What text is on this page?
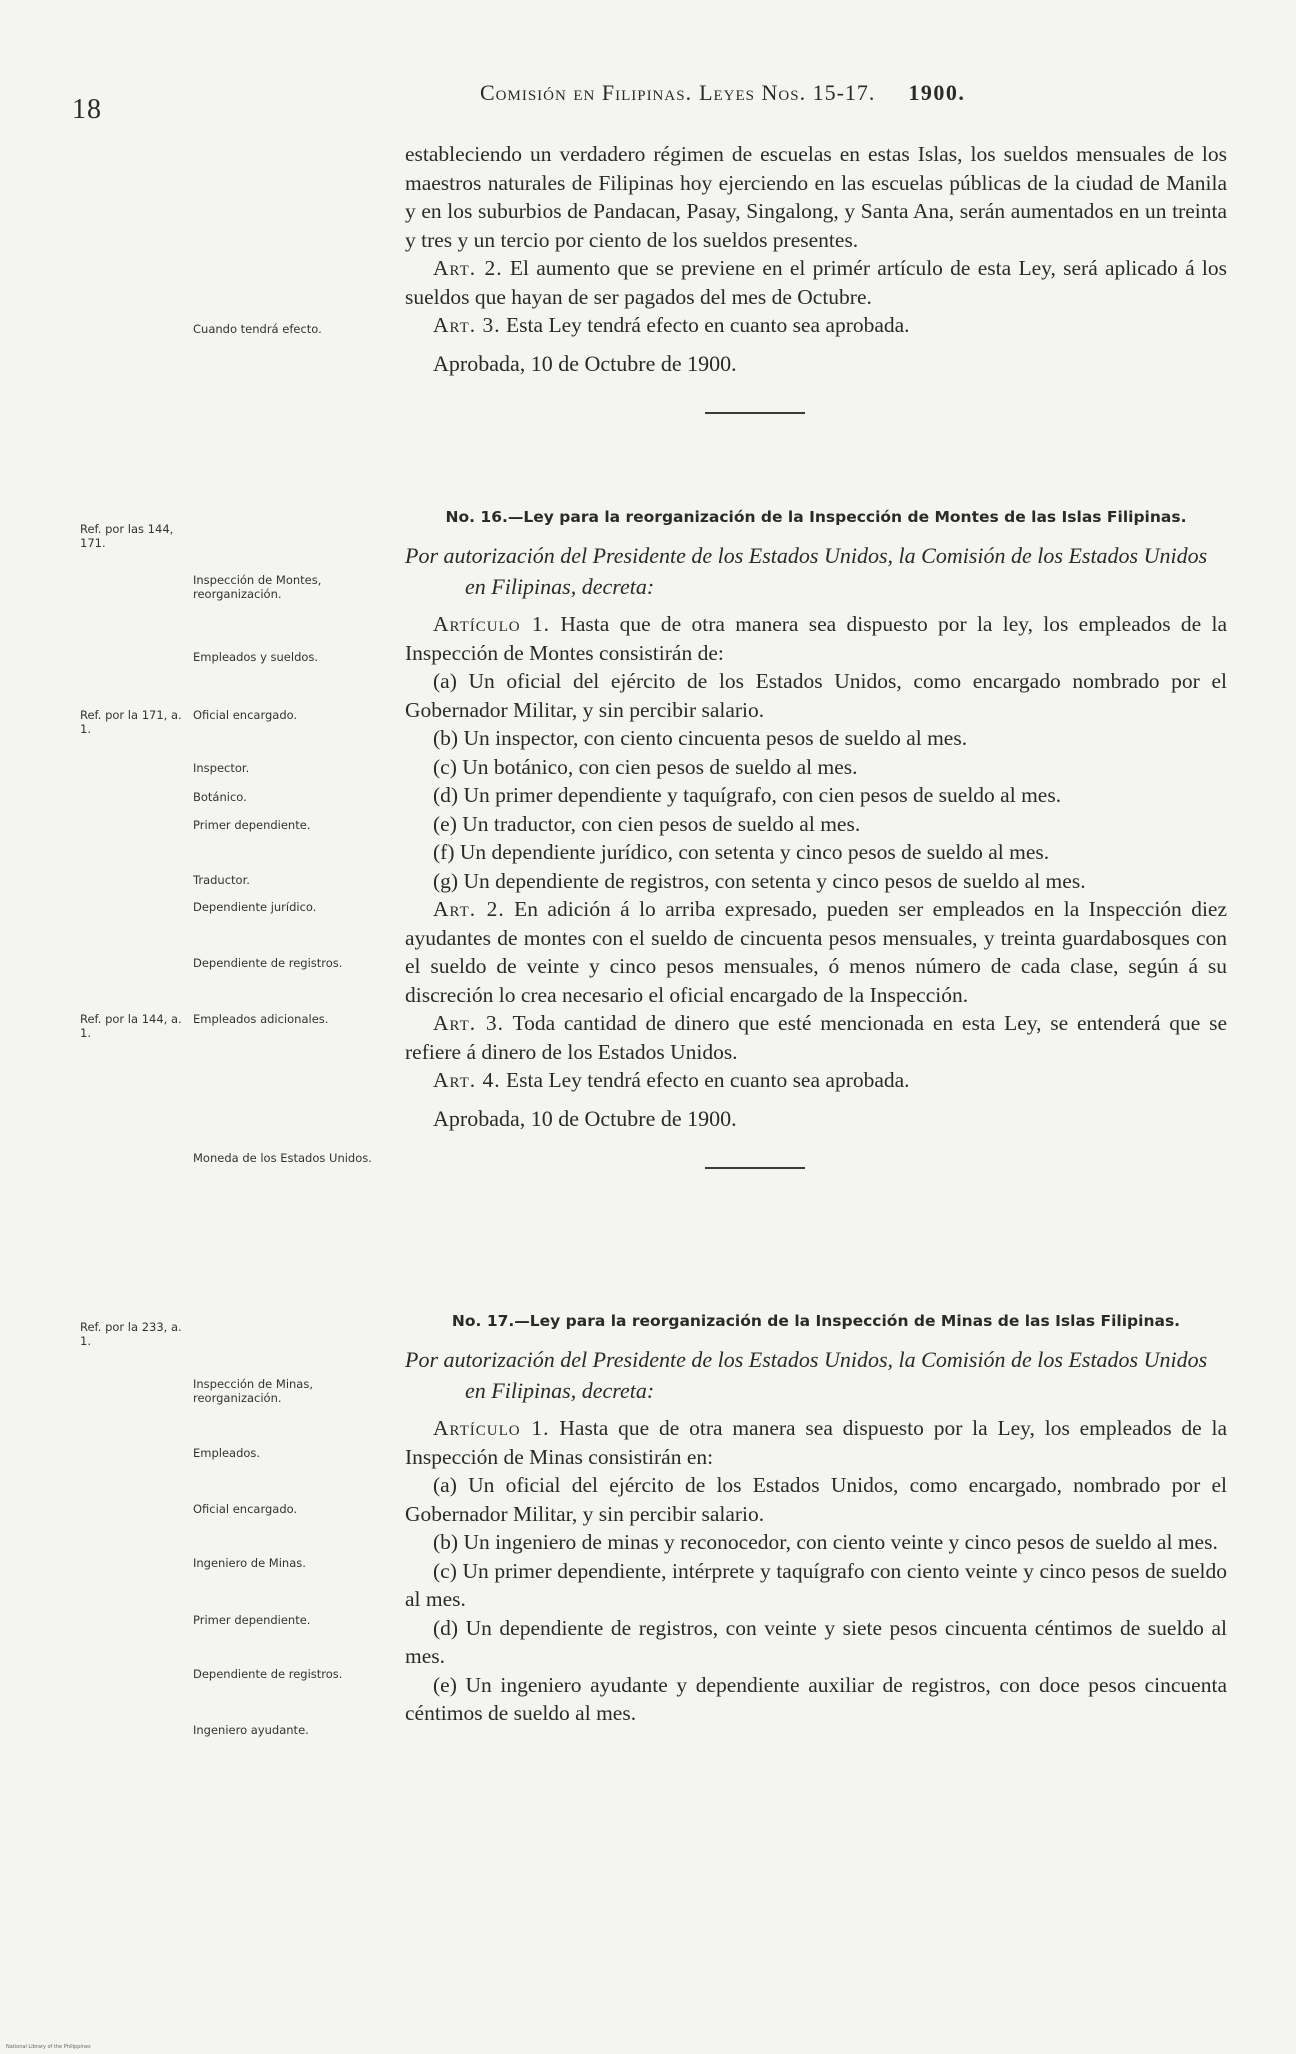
18
Comisión en Filipinas. Leyes Nos. 15-17. 1900.

estableciendo un verdadero régimen de escuelas en estas Islas, los sueldos mensuales de los maestros naturales de Filipinas hoy ejerciendo en las escuelas públicas de la ciudad de Manila y en los suburbios de Pandacan, Pasay, Singalong, y Santa Ana, serán aumentados en un treinta y tres y un tercio por ciento de los sueldos presentes.

Art. 2. El aumento que se previene en el primér artículo de esta Ley, será aplicado á los sueldos que hayan de ser pagados del mes de Octubre.

Art. 3. Esta Ley tendrá efecto en cuanto sea aprobada.

Aprobada, 10 de Octubre de 1900.

No. 16.—Ley para la reorganización de la Inspección de Montes de las Islas Filipinas.

Por autorización del Presidente de los Estados Unidos, la Comisión de los Estados Unidos en Filipinas, decreta:

Artículo 1. Hasta que de otra manera sea dispuesto por la ley, los empleados de la Inspección de Montes consistirán de:

(a) Un oficial del ejército de los Estados Unidos, como encargado nombrado por el Gobernador Militar, y sin percibir salario.

(b) Un inspector, con ciento cincuenta pesos de sueldo al mes.

(c) Un botánico, con cien pesos de sueldo al mes.

(d) Un primer dependiente y taquígrafo, con cien pesos de sueldo al mes.

(e) Un traductor, con cien pesos de sueldo al mes.

(f) Un dependiente jurídico, con setenta y cinco pesos de sueldo al mes.

(g) Un dependiente de registros, con setenta y cinco pesos de sueldo al mes.

Art. 2. En adición á lo arriba expresado, pueden ser empleados en la Inspección diez ayudantes de montes con el sueldo de cincuenta pesos mensuales, y treinta guardabosques con el sueldo de veinte y cinco pesos mensuales, ó menos número de cada clase, según á su discreción lo crea necesario el oficial encargado de la Inspección.

Art. 3. Toda cantidad de dinero que esté mencionada en esta Ley, se entenderá que se refiere á dinero de los Estados Unidos.

Art. 4. Esta Ley tendrá efecto en cuanto sea aprobada.

Aprobada, 10 de Octubre de 1900.

No. 17.—Ley para la reorganización de la Inspección de Minas de las Islas Filipinas.

Por autorización del Presidente de los Estados Unidos, la Comisión de los Estados Unidos en Filipinas, decreta:

Artículo 1. Hasta que de otra manera sea dispuesto por la Ley, los empleados de la Inspección de Minas consistirán en:

(a) Un oficial del ejército de los Estados Unidos, como encargado, nombrado por el Gobernador Militar, y sin percibir salario.

(b) Un ingeniero de minas y reconocedor, con ciento veinte y cinco pesos de sueldo al mes.

(c) Un primer dependiente, intérprete y taquígrafo con ciento veinte y cinco pesos de sueldo al mes.

(d) Un dependiente de registros, con veinte y siete pesos cincuenta céntimos de sueldo al mes.

(e) Un ingeniero ayudante y dependiente auxiliar de registros, con doce pesos cincuenta céntimos de sueldo al mes.

Cuando tendrá efecto.
Inspección de Montes, reorganización.
Empleados y sueldos.
Oficial encargado.
Inspector.
Botánico.
Primer dependiente.
Traductor.
Dependiente jurídico.
Dependiente de registros.
Empleados adicionales.
Moneda de los Estados Unidos.
Inspección de Minas, reorganización.
Empleados.
Oficial encargado.
Ingeniero de Minas.
Primer dependiente.
Dependiente de registros.
Ingeniero ayudante.
Ref. por las 144, 171.
Ref. por la 171, a. 1.
Ref. por la 144, a. 1.
Ref. por la 233, a. 1.
National Library of the Philippines
